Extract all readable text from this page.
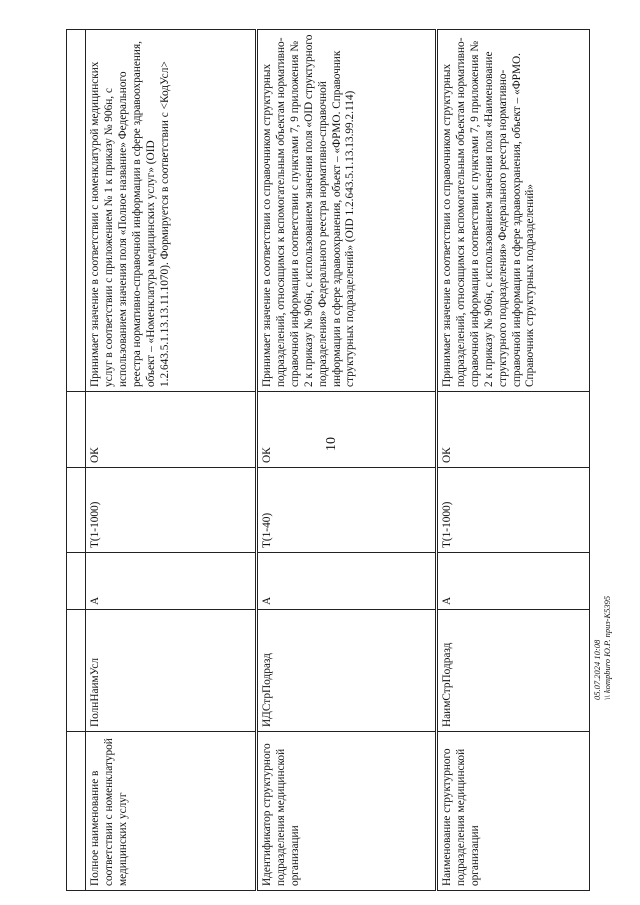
10
05.07.2024 10:08 \\ kompburo Ю.Р. приз-К5395

Полное наименование в соответствии с номенклатурой медицинских услуг	ПолнНаимУсл	А	Т(1-1000)	ОК	Принимает значение в соответствии с номенклатурой медицинских услуг в соответствии с приложением № 1 к приказу № 906н, с использованием значения поля «Полное название» Федерального реестра нормативно-справочной информации в сфере здравоохранения, объект – «Номенклатура медицинских услуг» (OID 1.2.643.5.1.13.13.11.1070). Формируется в соответствии с <КодУсл>
Идентификатор структурного подразделения медицинской организации	ИДСтрПодразд	А	Т(1-40)	ОК	Принимает значение в соответствии со справочником структурных подразделений, относящимся к вспомогательным объектам нормативно-справочной информации в соответствии с пунктами 7, 9 приложения № 2 к приказу № 906н, с использованием значения поля «OID структурного подразделения» Федерального реестра нормативно-справочной информации в сфере здравоохранения, объект – «ФРМО. Справочник структурных подразделений» (OID 1.2.643.5.1.13.13.99.2.114)
Наименование структурного подразделения медицинской организации	НаимСтрПодразд	А	Т(1-1000)	ОК	Принимает значение в соответствии со справочником структурных подразделений, относящимся к вспомогательным объектам нормативно-справочной информации в соответствии с пунктами 7, 9 приложения № 2 к приказу № 906н, с использованием значения поля «Наименование структурного подразделения» Федерального реестра нормативно-справочной информации в сфере здравоохранения, объект – «ФРМО. Справочник структурных подразделений»
